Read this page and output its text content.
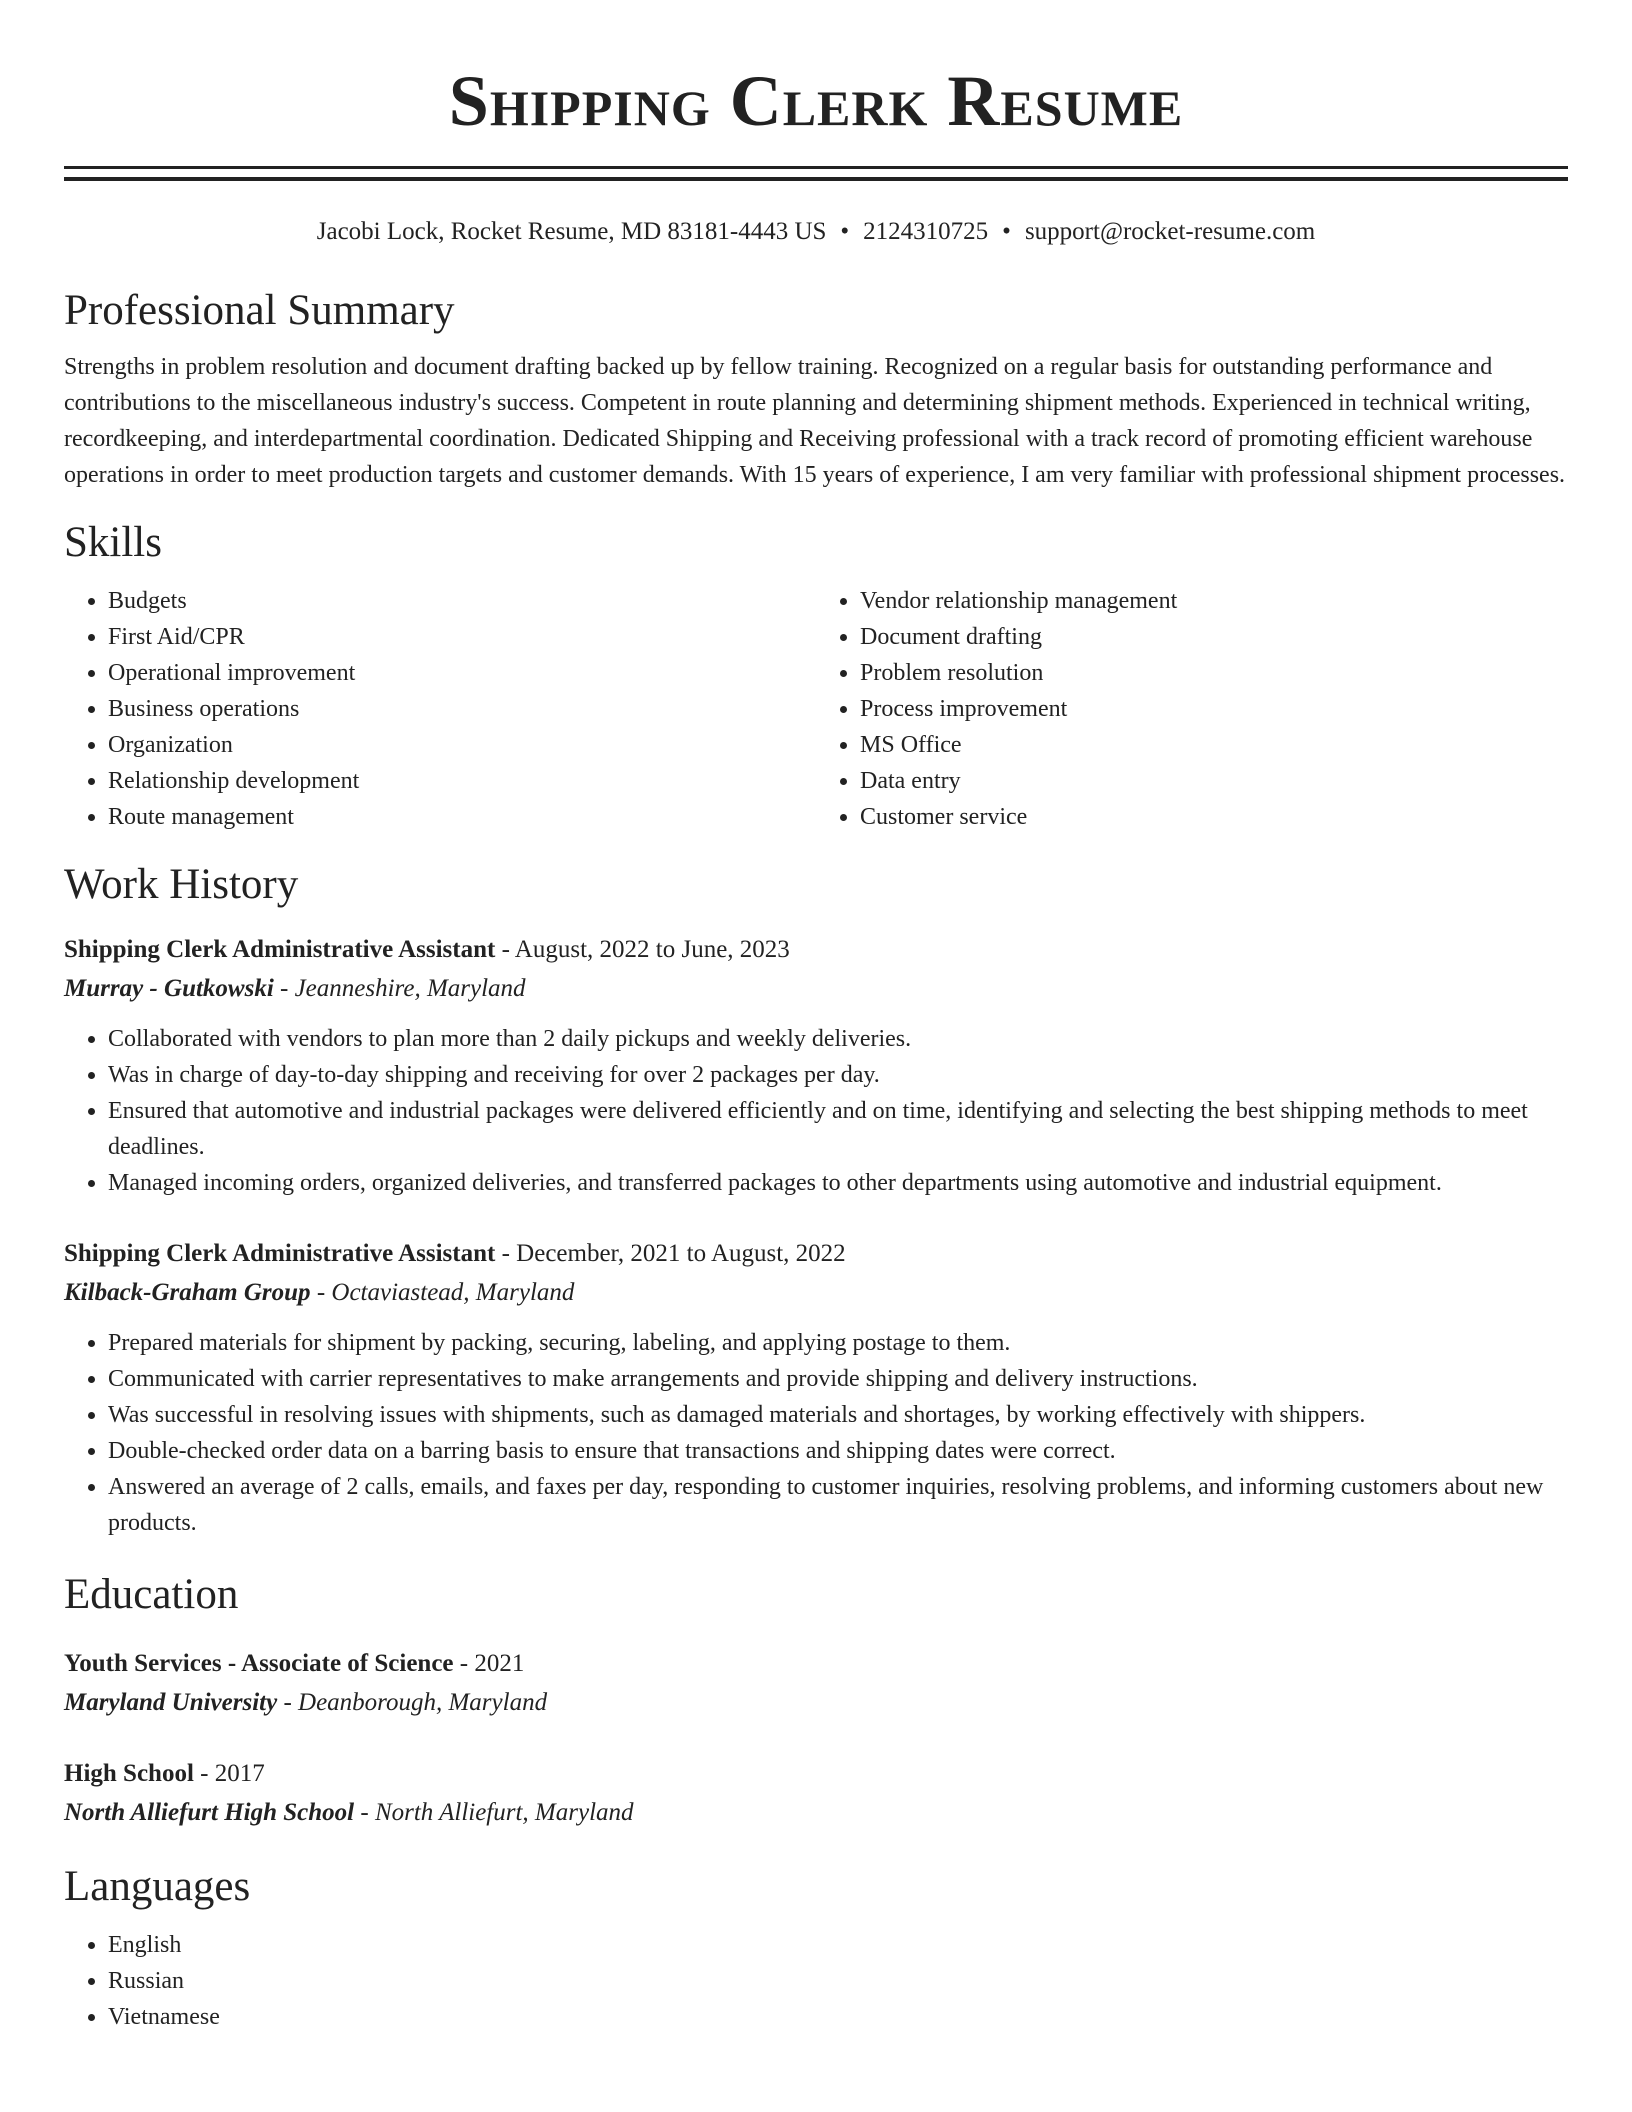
Shipping Clerk Resume
Jacobi Lock, Rocket Resume, MD 83181-4443 US • 2124310725 • support@rocket-resume.com
Professional Summary
Strengths in problem resolution and document drafting backed up by fellow training. Recognized on a regular basis for outstanding performance and contributions to the miscellaneous industry's success. Competent in route planning and determining shipment methods. Experienced in technical writing, recordkeeping, and interdepartmental coordination. Dedicated Shipping and Receiving professional with a track record of promoting efficient warehouse operations in order to meet production targets and customer demands. With 15 years of experience, I am very familiar with professional shipment processes.
Skills
• Budgets
• First Aid/CPR
• Operational improvement
• Business operations
• Organization
• Relationship development
• Route management
• Vendor relationship management
• Document drafting
• Problem resolution
• Process improvement
• MS Office
• Data entry
• Customer service
Work History
Shipping Clerk Administrative Assistant - August, 2022 to June, 2023
Murray - Gutkowski - Jeanneshire, Maryland
• Collaborated with vendors to plan more than 2 daily pickups and weekly deliveries.
• Was in charge of day-to-day shipping and receiving for over 2 packages per day.
• Ensured that automotive and industrial packages were delivered efficiently and on time, identifying and selecting the best shipping methods to meet deadlines.
• Managed incoming orders, organized deliveries, and transferred packages to other departments using automotive and industrial equipment.
Shipping Clerk Administrative Assistant - December, 2021 to August, 2022
Kilback-Graham Group - Octaviastead, Maryland
• Prepared materials for shipment by packing, securing, labeling, and applying postage to them.
• Communicated with carrier representatives to make arrangements and provide shipping and delivery instructions.
• Was successful in resolving issues with shipments, such as damaged materials and shortages, by working effectively with shippers.
• Double-checked order data on a barring basis to ensure that transactions and shipping dates were correct.
• Answered an average of 2 calls, emails, and faxes per day, responding to customer inquiries, resolving problems, and informing customers about new products.
Education
Youth Services - Associate of Science - 2021
Maryland University - Deanborough, Maryland
High School - 2017
North Alliefurt High School - North Alliefurt, Maryland
Languages
• English
• Russian
• Vietnamese
